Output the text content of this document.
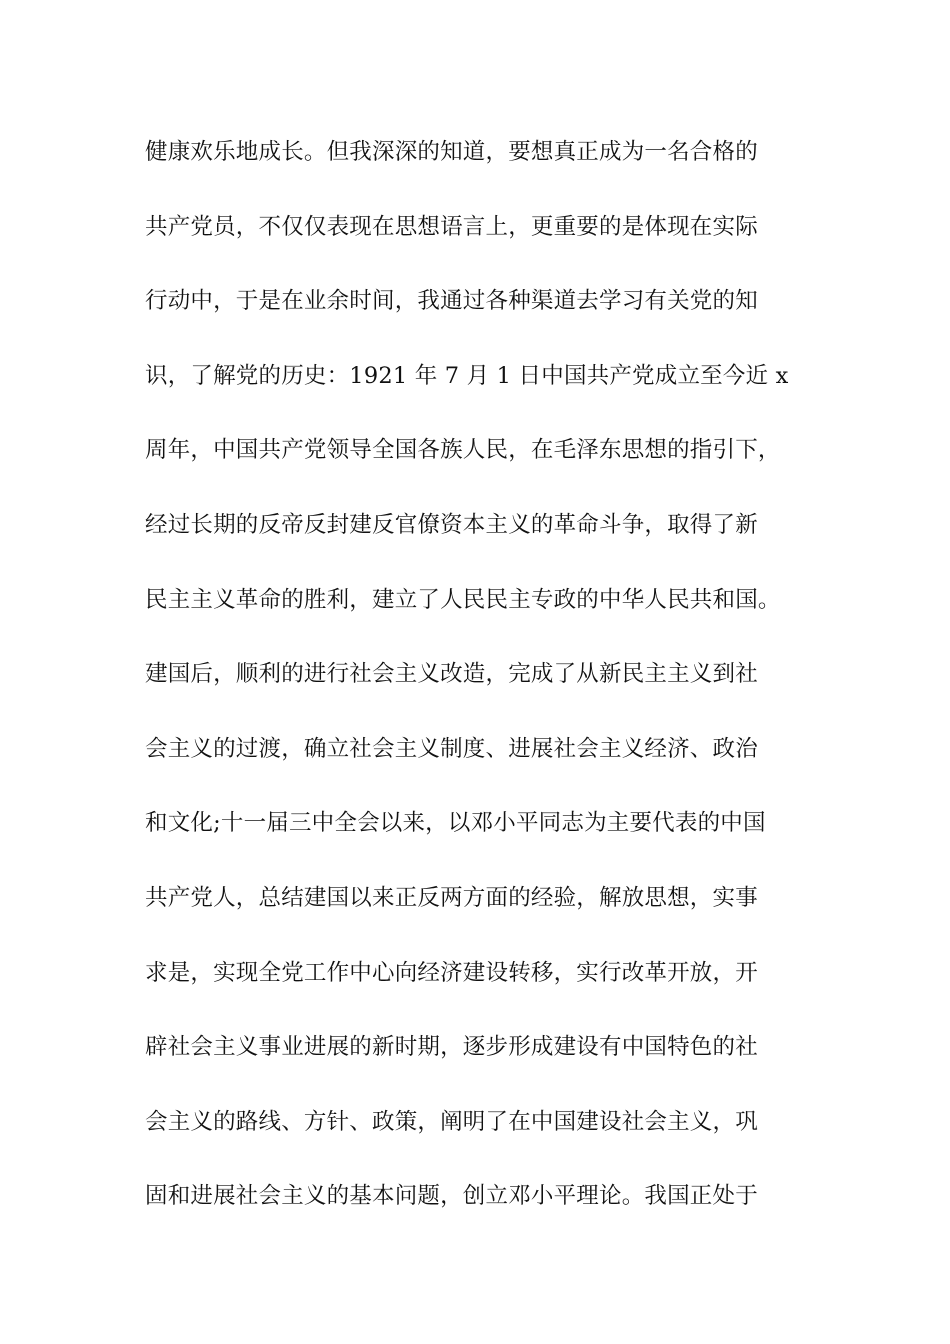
健康欢乐地成长。但我深深的知道，要想真正成为一名合格的
共产党员，不仅仅表现在思想语言上，更重要的是体现在实际
行动中，于是在业余时间，我通过各种渠道去学习有关党的知
识，了解党的历史：1921 年 7 月 1 日中国共产党成立至今近 x
周年，中国共产党领导全国各族人民，在毛泽东思想的指引下，
经过长期的反帝反封建反官僚资本主义的革命斗争，取得了新
民主主义革命的胜利，建立了人民民主专政的中华人民共和国。
建国后，顺利的进行社会主义改造，完成了从新民主主义到社
会主义的过渡，确立社会主义制度、进展社会主义经济、政治
和文化;十一届三中全会以来，以邓小平同志为主要代表的中国
共产党人，总结建国以来正反两方面的经验，解放思想，实事
求是，实现全党工作中心向经济建设转移，实行改革开放，开
辟社会主义事业进展的新时期，逐步形成建设有中国特色的社
会主义的路线、方针、政策，阐明了在中国建设社会主义，巩
固和进展社会主义的基本问题，创立邓小平理论。我国正处于
